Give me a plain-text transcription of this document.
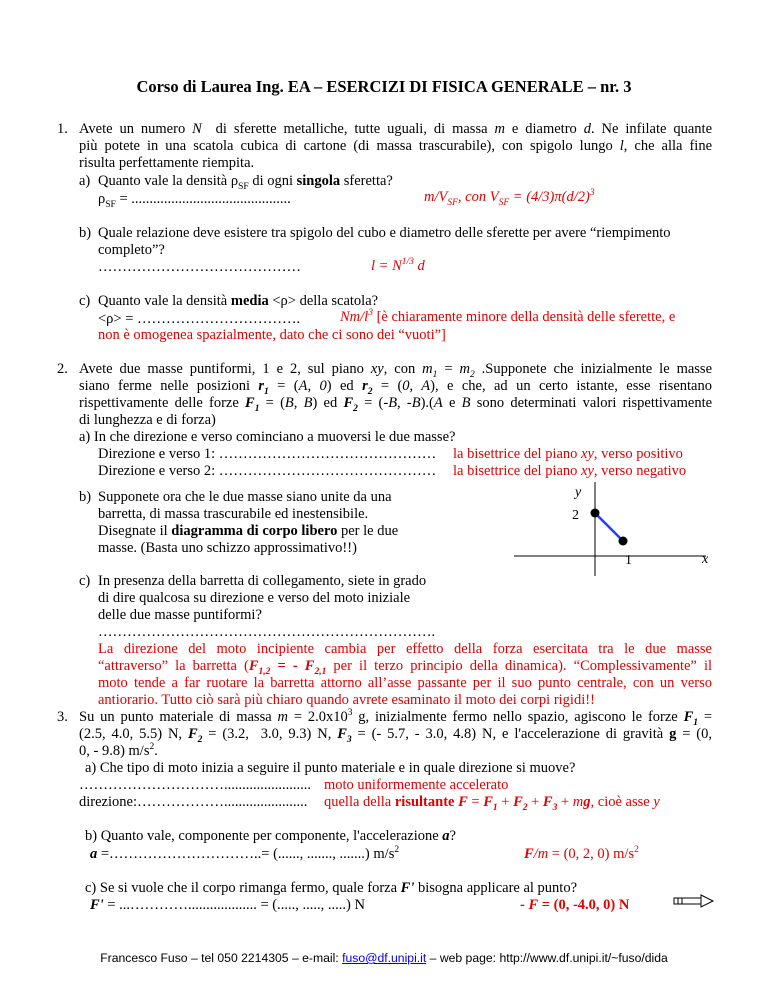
Corso di Laurea Ing. EA – ESERCIZI DI FISICA GENERALE – nr. 3
1. Avete un numero N  di sferette metalliche, tutte uguali, di massa m e diametro d. Ne infilate quante
più potete in una scatola cubica di cartone (di massa trascurabile), con spigolo lungo l, che alla fine
risulta perfettamente riempita.
a) Quanto vale la densità $\rho_{SF}$ di ogni singola sferetta?
$\rho_{SF}$ = ............................................	$m/V_{SF}$, con $V_{SF} = (4/3)\pi(d/2)^3$
b) Quale relazione deve esistere tra spigolo del cubo e diametro delle sferette per avere “riempimento
completo”?
……………………………………	$l = N^{1/3}$ d
c) Quanto vale la densità media <ρ> della scatola?
<ρ> = …………………………….	$Nm/l^3$ [è chiaramente minore della densità delle sferette, e
non è omogenea spazialmente, dato che ci sono dei “vuoti”]
2. Avete due masse puntiformi, 1 e 2, sul piano xy, con $m_1 = m_2$ .Supponete che inizialmente le masse
siano ferme nelle posizioni $r_1 = (A$, 0) ed $r_2 = (0$, A), e che, ad un certo istante, esse risentano
rispettivamente delle forze $F_1 = (B$, B) ed $F_2 = (-B$, -B).(A e B sono determinati valori rispettivamente
di lunghezza e di forza)
a) In che direzione e verso cominciano a muoversi le due masse?
Direzione e verso 1: ……………………………………… la bisettrice del piano xy, verso positivo
Direzione e verso 2: ……………………………………… la bisettrice del piano xy, verso negativo
b) Supponete ora che le due masse siano unite da una
barretta, di massa trascurabile ed inestensibile.
Disegnate il diagramma di corpo libero per le due
masse. (Basta uno schizzo approssimativo!!)
y
2
1	x
c) In presenza della barretta di collegamento, siete in grado
di dire qualcosa su direzione e verso del moto iniziale
delle due masse puntiformi?
…………………………………………………………….
La direzione del moto incipiente cambia per effetto della forza esercitata tra le due masse
“attraverso” la barretta ($F_{1,2}$ = - $F_{2,1}$ per il terzo principio della dinamica). “Complessivamente” il
moto tende a far ruotare la barretta attorno all’asse passante per il suo punto centrale, con un verso
antiorario. Tutto ciò sarà più chiaro quando avrete esaminato il moto dei corpi rigidi!!
3. Su un punto materiale di massa $m = 2.0x10^3$ g, inizialmente fermo nello spazio, agiscono le forze $F_1$ =
(2.5, 4.0, 5.5) N, $F_2 = (3.2$,  3.0, 9.3) N, $F_3$ = (- 5.7, - 3.0, 4.8) N, e l'accelerazione di gravità g = (0,
0, - 9.8) $m/s^2$.
a) Che tipo di moto inizia a seguire il punto materiale e in quale direzione si muove?
…………………………........................ moto uniformemente accelerato
direzione:………………....................... quella della risultante $F = F_1 + F_2 + F_3$ + mg, cioè asse y
b) Quanto vale, componente per componente, l'accelerazione a?
a =…………………………..= (......, ......., .......) $m/s^2$	F/m = (0, 2, 0) $m/s^2$
c) Se si vuole che il corpo rimanga fermo, quale forza F' bisogna applicare al punto?
F' = ...…………................... = (....., ....., .....) N	- F = (0, -4.0, 0) N
Francesco Fuso – tel 050 2214305 – e-mail: fuso@df.unipi.it – web page: http://www.df.unipi.it/~fuso/dida
